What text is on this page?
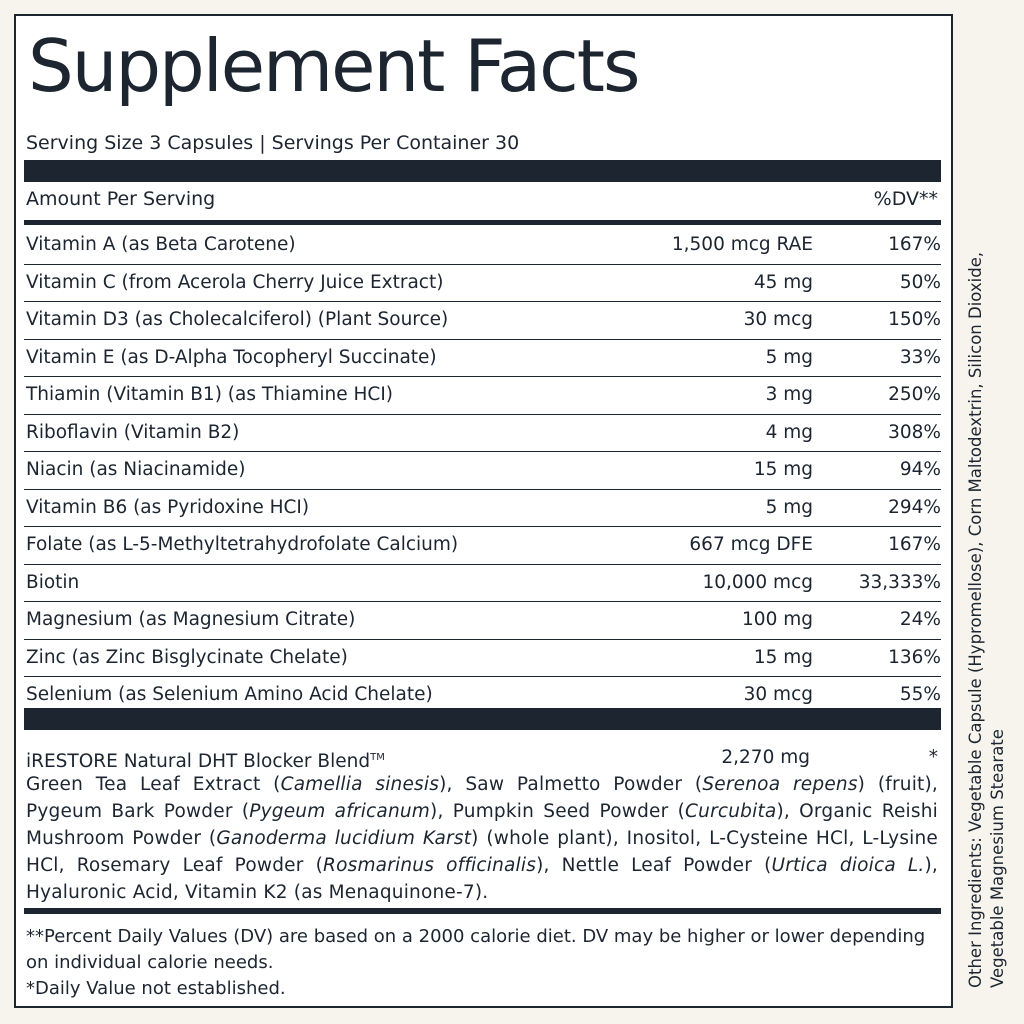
Supplement Facts
Serving Size 3 Capsules | Servings Per Container 30
Amount Per Serving	%DV**
Vitamin A (as Beta Carotene)	1,500 mcg RAE	167%
Vitamin C (from Acerola Cherry Juice Extract)	45 mg	50%
Vitamin D3 (as Cholecalciferol) (Plant Source)	30 mcg	150%
Vitamin E (as D-Alpha Tocopheryl Succinate)	5 mg	33%
Thiamin (Vitamin B1) (as Thiamine HCI)	3 mg	250%
Riboflavin (Vitamin B2)	4 mg	308%
Niacin (as Niacinamide)	15 mg	94%
Vitamin B6 (as Pyridoxine HCI)	5 mg	294%
Folate (as L-5-Methyltetrahydrofolate Calcium)	667 mcg DFE	167%
Biotin	10,000 mcg 33,333%
Magnesium (as Magnesium Citrate)	100 mg	24%
Zinc (as Zinc Bisglycinate Chelate)	15 mg	136%
Selenium (as Selenium Amino Acid Chelate)	30 mcg	55%
iRESTORE Natural DHT Blocker Blend™	2,270 mg	*
Green Tea Leaf Extract (Camellia sinesis), Saw Palmetto Powder (Serenoa repens) (fruit), Pygeum Bark Powder (Pygeum africanum), Pumpkin Seed Powder (Curcubita), Organic Reishi Mushroom Powder (Ganoderma lucidium Karst) (whole plant), Inositol, L-Cysteine HCl, L-Lysine HCl, Rosemary Leaf Powder (Rosmarinus officinalis), Nettle Leaf Powder (Urtica dioica L.), Hyaluronic Acid, Vitamin K2 (as Menaquinone-7).
**Percent Daily Values (DV) are based on a 2000 calorie diet. DV may be higher or lower depending on individual calorie needs.
*Daily Value not established.
Other Ingredients: Vegetable Capsule (Hypromellose), Corn Maltodextrin, Silicon Dioxide, Vegetable Magnesium Stearate
